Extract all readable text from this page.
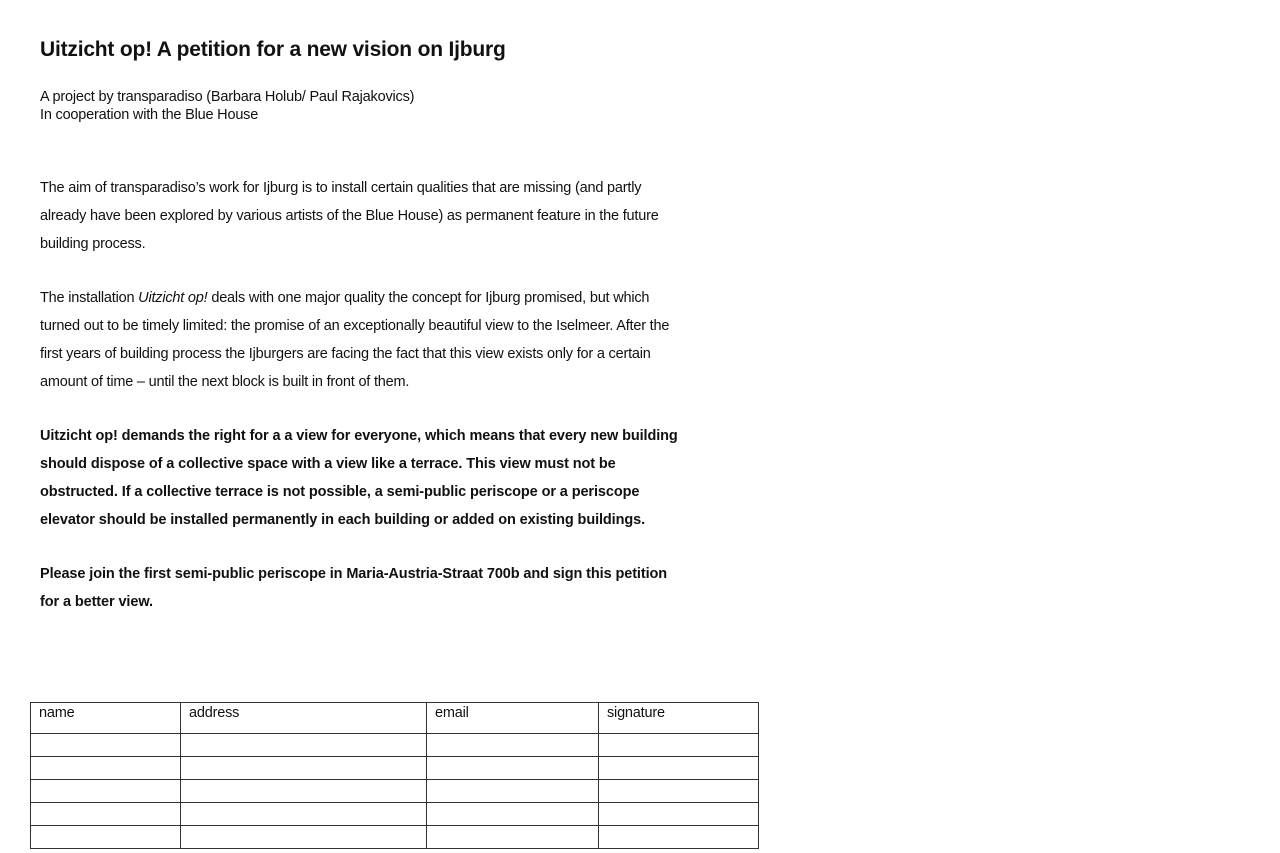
Uitzicht op! A petition for a new vision on Ijburg
A project by transparadiso (Barbara Holub/ Paul Rajakovics)
In cooperation with the Blue House

The aim of transparadiso’s work for Ijburg is to install certain qualities that are missing (and partly
already have been explored by various artists of the Blue House) as permanent feature in the future
building process.

The installation Uitzicht op! deals with one major quality the concept for Ijburg promised, but which
turned out to be timely limited: the promise of an exceptionally beautiful view to the Iselmeer. After the
first years of building process the Ijburgers are facing the fact that this view exists only for a certain
amount of time – until the next block is built in front of them.

Uitzicht op! demands the right for a a view for everyone, which means that every new building
should dispose of a collective space with a view like a terrace. This view must not be
obstructed. If a collective terrace is not possible, a semi-public periscope or a periscope
elevator should be installed permanently in each building or added on existing buildings.

Please join the first semi-public periscope in Maria-Austria-Straat 700b and sign this petition
for a better view.

name	address	email	signature
